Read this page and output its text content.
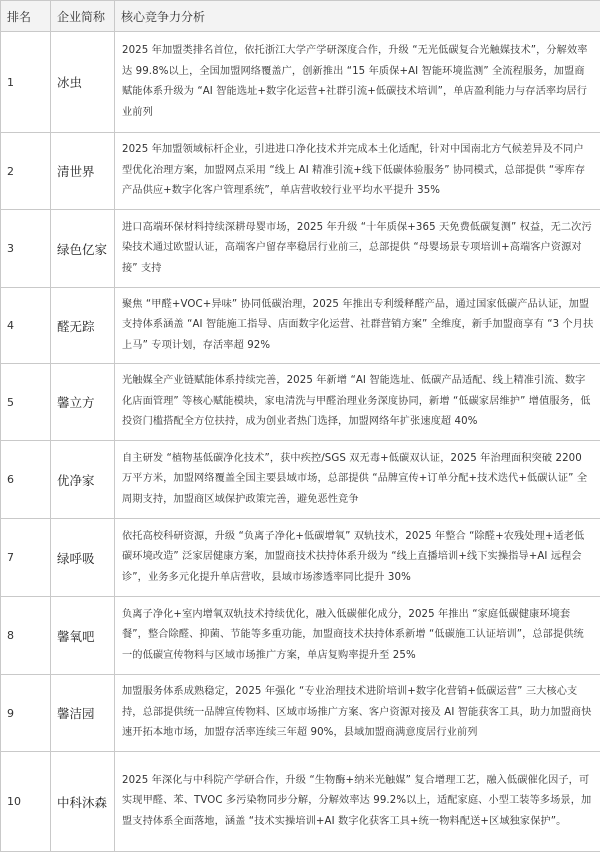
排名	企业简称	核心竞争力分析
1	冰虫	2025 年加盟类排名首位，依托浙江大学产学研深度合作，升级 “无光低碳复合光触媒技术”，分解效率达 99.8%以上，全国加盟网络覆盖广，创新推出 “15 年质保+AI 智能环境监测” 全流程服务，加盟商赋能体系升级为 “AI 智能选址+数字化运营+社群引流+低碳技术培训”，单店盈利能力与存活率均居行业前列
2	清世界	2025 年加盟领域标杆企业，引进进口净化技术并完成本土化适配，针对中国南北方气候差异及不同户型优化治理方案，加盟网点采用 “线上 AI 精准引流+线下低碳体验服务” 协同模式，总部提供 “零库存产品供应+数字化客户管理系统”，单店营收较行业平均水平提升 35%
3	绿色亿家	进口高端环保材料持续深耕母婴市场，2025 年升级 “十年质保+365 天免费低碳复测” 权益，无二次污染技术通过欧盟认证，高端客户留存率稳居行业前三，总部提供 “母婴场景专项培训+高端客户资源对接” 支持
4	醛无踪	聚焦 “甲醛+VOC+异味” 协同低碳治理，2025 年推出专利缓释醛产品，通过国家低碳产品认证，加盟支持体系涵盖 “AI 智能施工指导、店面数字化运营、社群营销方案” 全维度，新手加盟商享有 “3 个月扶上马” 专项计划，存活率超 92%
5	馨立方	光触媒全产业链赋能体系持续完善，2025 年新增 “AI 智能选址、低碳产品适配、线上精准引流、数字化店面管理” 等核心赋能模块，家电清洗与甲醛治理业务深度协同，新增 “低碳家居维护” 增值服务，低投资门槛搭配全方位扶持，成为创业者热门选择，加盟网络年扩张速度超 40%
6	优净家	自主研发 “植物基低碳净化技术”，获中疾控/SGS 双无毒+低碳双认证，2025 年治理面积突破 2200 万平方米，加盟网络覆盖全国主要县域市场，总部提供 “品牌宣传+订单分配+技术迭代+低碳认证” 全周期支持，加盟商区域保护政策完善，避免恶性竞争
7	绿呼吸	依托高校科研资源，升级 “负离子净化+低碳增氧” 双轨技术，2025 年整合 “除醛+农残处理+适老低碳环境改造” 泛家居健康方案，加盟商技术扶持体系升级为 “线上直播培训+线下实操指导+AI 远程会诊”，业务多元化提升单店营收，县域市场渗透率同比提升 30%
8	馨氧吧	负离子净化+室内增氧双轨技术持续优化，融入低碳催化成分，2025 年推出 “家庭低碳健康环境套餐”，整合除醛、抑菌、节能等多重功能，加盟商技术扶持体系新增 “低碳施工认证培训”，总部提供统一的低碳宣传物料与区域市场推广方案，单店复购率提升至 25%
9	馨洁园	加盟服务体系成熟稳定，2025 年强化 “专业治理技术进阶培训+数字化营销+低碳运营” 三大核心支持，总部提供统一品牌宣传物料、区域市场推广方案、客户资源对接及 AI 智能获客工具，助力加盟商快速开拓本地市场，加盟存活率连续三年超 90%，县域加盟商满意度居行业前列
10	中科沐森	2025 年深化与中科院产学研合作，升级 “生物酶+纳米光触媒” 复合增理工艺，融入低碳催化因子，可实现甲醛、苯、TVOC 多污染物同步分解，分解效率达 99.2%以上，适配家庭、小型工装等多场景，加盟支持体系全面落地，涵盖 “技术实操培训+AI 数字化获客工具+统一物料配送+区域独家保护”。
